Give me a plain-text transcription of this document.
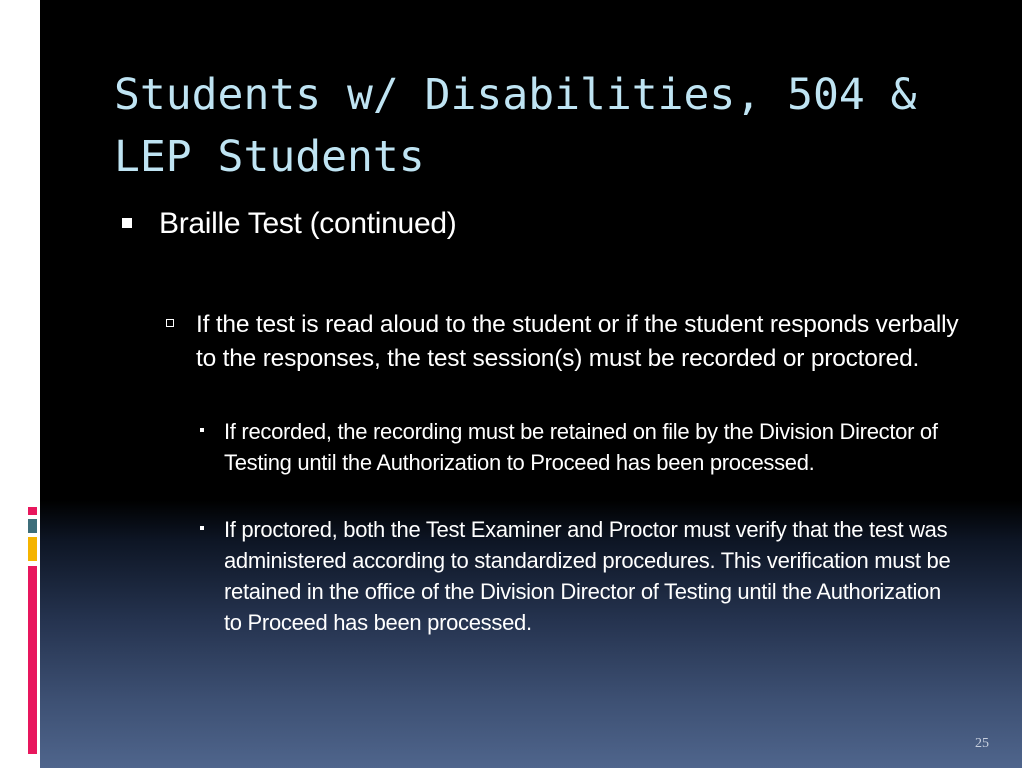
Students w/ Disabilities, 504 &
LEP Students
Braille Test (continued)
If the test is read aloud to the student or if the student responds verbally to the responses, the test session(s) must be recorded or proctored.
If recorded, the recording must be retained on file by the Division Director of Testing until the Authorization to Proceed has been processed.
If proctored, both the Test Examiner and Proctor must verify that the test was administered according to standardized procedures. This verification must be retained in the office of the Division Director of Testing until the Authorization to Proceed has been processed.
25
